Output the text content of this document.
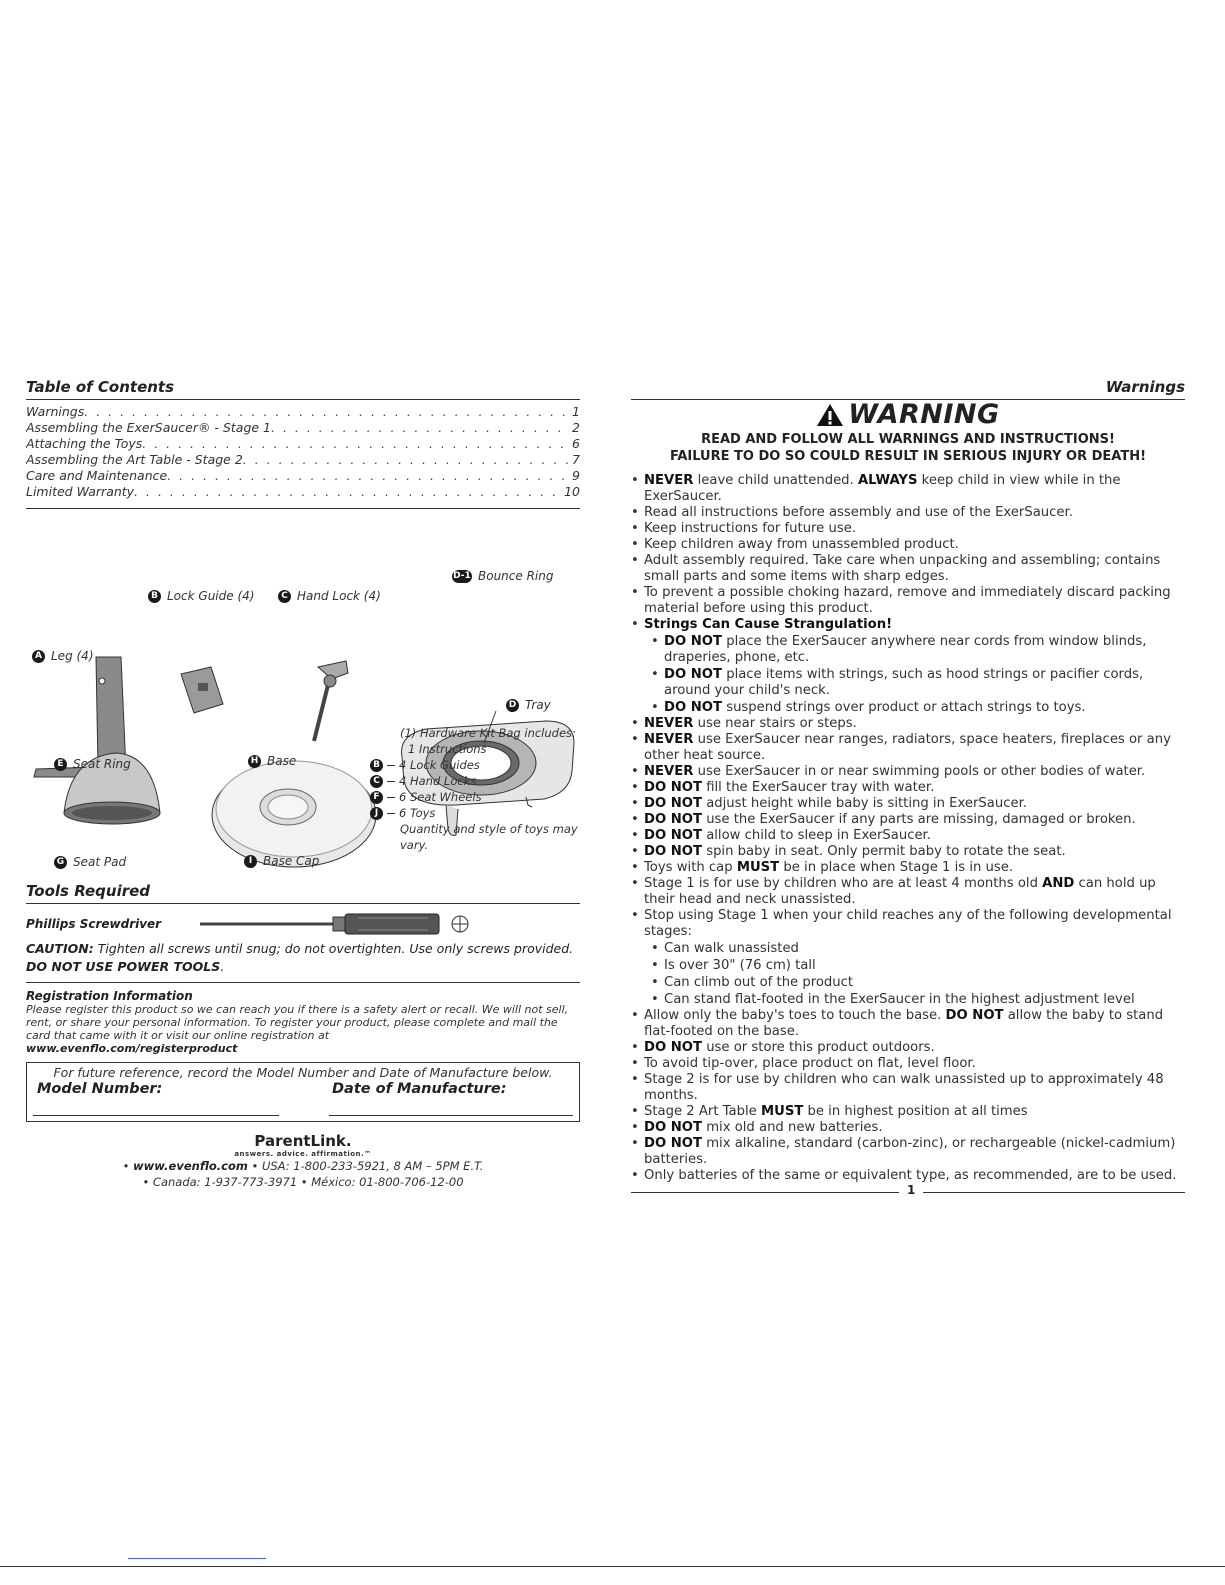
Table of Contents
Warnings . . .	1
Assembling the ExerSaucer® - Stage 1 . . .	2
Attaching the Toys . . .	6
Assembling the Art Table - Stage 2 . . .	7
Care and Maintenance . . .	9
Limited Warranty . . .	10
A Leg (4)
B Lock Guide (4)	C Hand Lock (4)
D-1 Bounce Ring
D Tray
E Seat Ring	H Base
G Seat Pad	I Base Cap
(1) Hardware Kit Bag includes:
1 Instructions
B 4 Lock Guides
C 4 Hand Locks
F 6 Seat Wheels
J	6 Toys
Quantity and style of toys may vary.
Tools Required
Phillips Screwdriver
CAUTION: Tighten all screws until snug; do not overtighten. Use only screws provided.
DO NOT USE POWER TOOLS.
Registration Information
Please register this product so we can reach you if there is a safety alert or recall. We will not sell, rent, or share your personal information. To register your product, please complete and mail the card that came with it or visit our online registration at
www.evenflo.com/registerproduct
For future reference, record the Model Number and Date of Manufacture below.
Model Number:	Date of Manufacture:
ParentLink.
answers. advice. affirmation.™
• www.evenflo.com • USA: 1-800-233-5921, 8 AM – 5PM E.T.
• Canada: 1-937-773-3971 • México: 01-800-706-12-00
Warnings
WARNING
READ AND FOLLOW ALL WARNINGS AND INSTRUCTIONS!
FAILURE TO DO SO COULD RESULT IN SERIOUS INJURY OR DEATH!
• NEVER leave child unattended. ALWAYS keep child in view while in the ExerSaucer.
• Read all instructions before assembly and use of the ExerSaucer.
• Keep instructions for future use.
• Keep children away from unassembled product.
• Adult assembly required. Take care when unpacking and assembling; contains small parts and some items with sharp edges.
• To prevent a possible choking hazard, remove and immediately discard packing material before using this product.
• Strings Can Cause Strangulation!
• DO NOT place the ExerSaucer anywhere near cords from window blinds, draperies, phone, etc.
• DO NOT place items with strings, such as hood strings or pacifier cords, around your child's neck.
• DO NOT suspend strings over product or attach strings to toys.
• NEVER use near stairs or steps.
• NEVER use ExerSaucer near ranges, radiators, space heaters, fireplaces or any other heat source.
• NEVER use ExerSaucer in or near swimming pools or other bodies of water.
• DO NOT fill the ExerSaucer tray with water.
• DO NOT adjust height while baby is sitting in ExerSaucer.
• DO NOT use the ExerSaucer if any parts are missing, damaged or broken.
• DO NOT allow child to sleep in ExerSaucer.
• DO NOT spin baby in seat. Only permit baby to rotate the seat.
• Toys with cap MUST be in place when Stage 1 is in use.
• Stage 1 is for use by children who are at least 4 months old AND can hold up their head and neck unassisted.
• Stop using Stage 1 when your child reaches any of the following developmental stages:
• Can walk unassisted
• Is over 30" (76 cm) tall
• Can climb out of the product
• Can stand flat-footed in the ExerSaucer in the highest adjustment level
• Allow only the baby's toes to touch the base. DO NOT allow the baby to stand flat-footed on the base.
• DO NOT use or store this product outdoors.
• To avoid tip-over, place product on flat, level floor.
• Stage 2 is for use by children who can walk unassisted up to approximately 48 months.
• Stage 2 Art Table MUST be in highest position at all times
• DO NOT mix old and new batteries.
• DO NOT mix alkaline, standard (carbon-zinc), or rechargeable (nickel-cadmium) batteries.
• Only batteries of the same or equivalent type, as recommended, are to be used.
1
